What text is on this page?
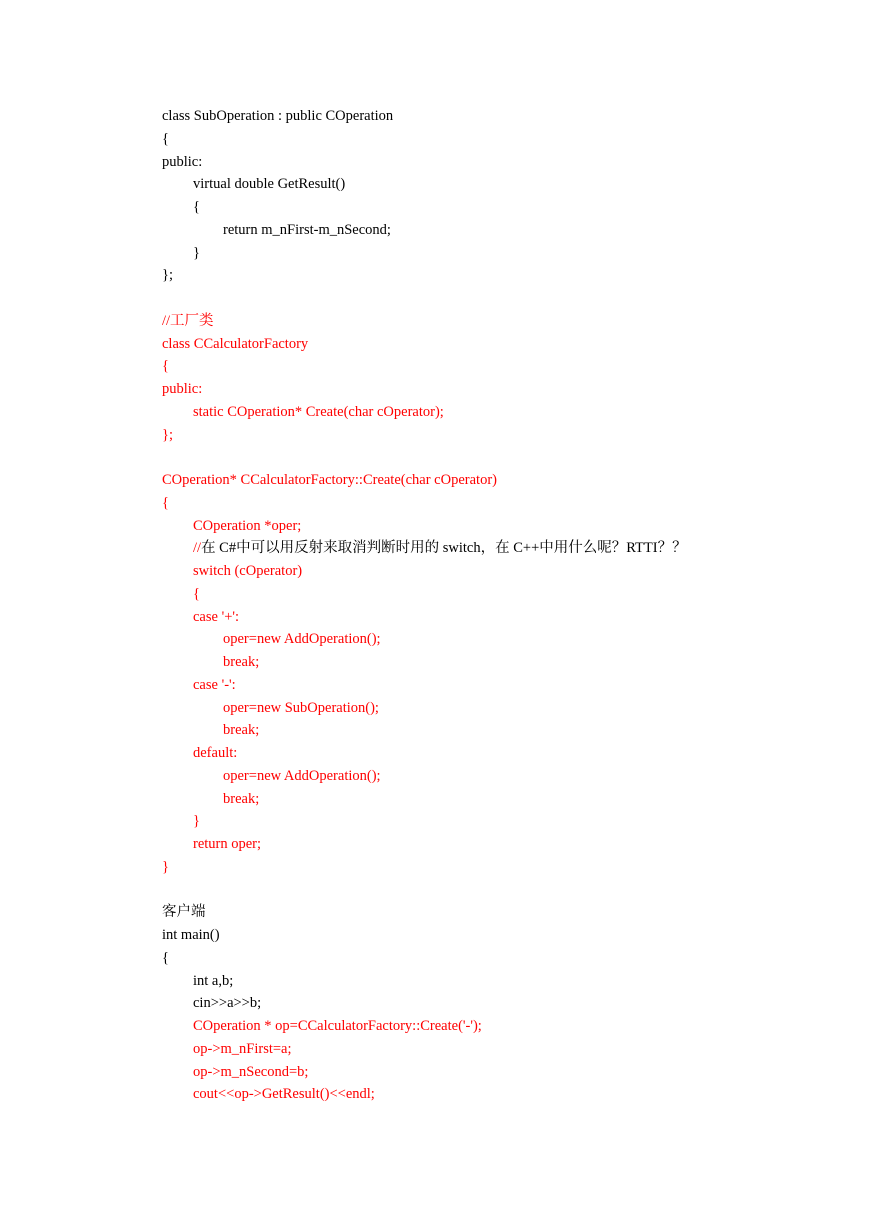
class SubOperation : public COperation
{
public:
virtual double GetResult()
{
return m_nFirst-m_nSecond;
}
};
//工厂类
class CCalculatorFactory
{
public:
static COperation* Create(char cOperator);
};
COperation* CCalculatorFactory::Create(char cOperator)
{
COperation *oper;
//在 C#中可以用反射来取消判断时用的 switch，在 C++中用什么呢？RTTI？？
switch (cOperator)
{
case '+':
oper=new AddOperation();
break;
case '-':
oper=new SubOperation();
break;
default:
oper=new AddOperation();
break;
}
return oper;
}
客户端
int main()
{
int a,b;
cin>>a>>b;
COperation * op=CCalculatorFactory::Create('-');
op->m_nFirst=a;
op->m_nSecond=b;
cout<<op->GetResult()<<endl;
